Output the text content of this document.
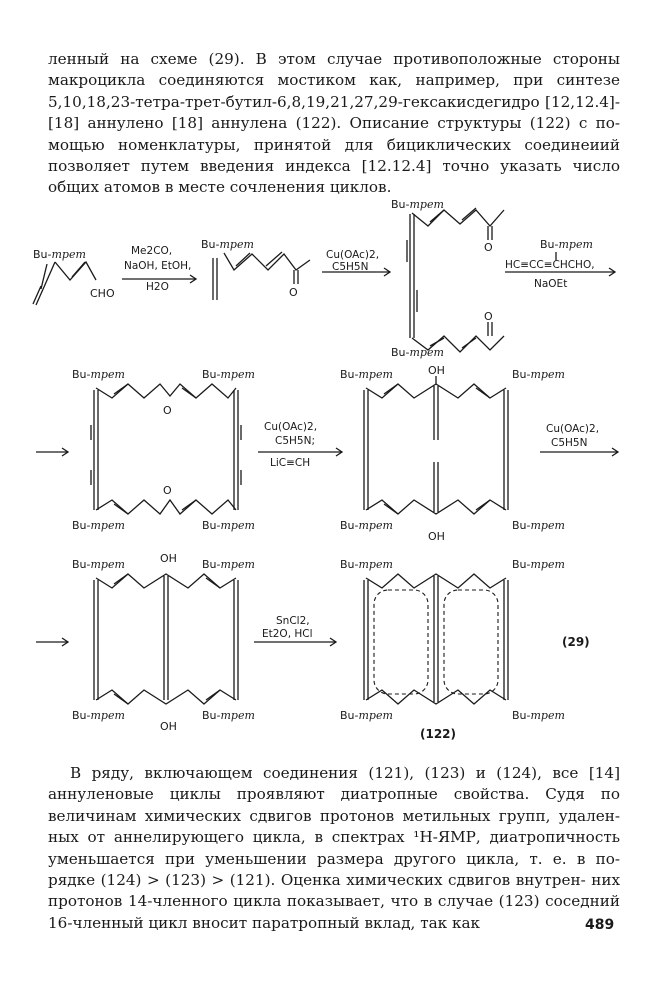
ленный на схеме (29). В этом случае противоположные стороны макроцикла соединяются мостиком как, например, при синтезе 5,10,18,23-тетра-трет-бутил-6,8,19,21,27,29-гексакисдегидро [12,12.4]- [18] аннулено [18] аннулена (122). Описание структуры (122) с по- мощью номенклатуры, принятой для бициклических соединеиий позволяет путем введения индекса [12.12.4] точно указать число общих атомов в месте сочленения циклов.
Bu-трет
CHO
Me2CO,
NaOH, EtOH,
H2O
Bu-трет
O
Cu(OAc)2,
C5H5N
Bu-трет
O
O
Bu-трет
Bu-трет
HC≡CC≡CHCHO,
NaOEt
Bu-трет	Bu-трет
O
O
Bu-трет	Bu-трет
Cu(OAc)2,
C5H5N;
LiC≡CH
Bu-трет	Bu-трет
OH
OH
Bu-трет	Bu-трет
Cu(OAc)2,
C5H5N
Bu-трет	Bu-трет
OH
OH
Bu-трет	Bu-трет
SnCl2,
Et2O, HCl
Bu-трет	Bu-трет
Bu-трет	Bu-трет
(122)
(29)
В ряду, включающем соединения (121), (123) и (124), все [14] аннуленовые циклы проявляют диатропные свойства. Судя по величинам химических сдвигов протонов метильных групп, удален- ных от аннелирующего цикла, в спектрах ¹H-ЯМР, диатропичность уменьшается при уменьшении размера другого цикла, т. е. в по- рядке (124) > (123) > (121). Оценка химических сдвигов внутрен- них протонов 14-членного цикла показывает, что в случае (123) соседний 16-членный цикл вносит паратропный вклад, так как	489
